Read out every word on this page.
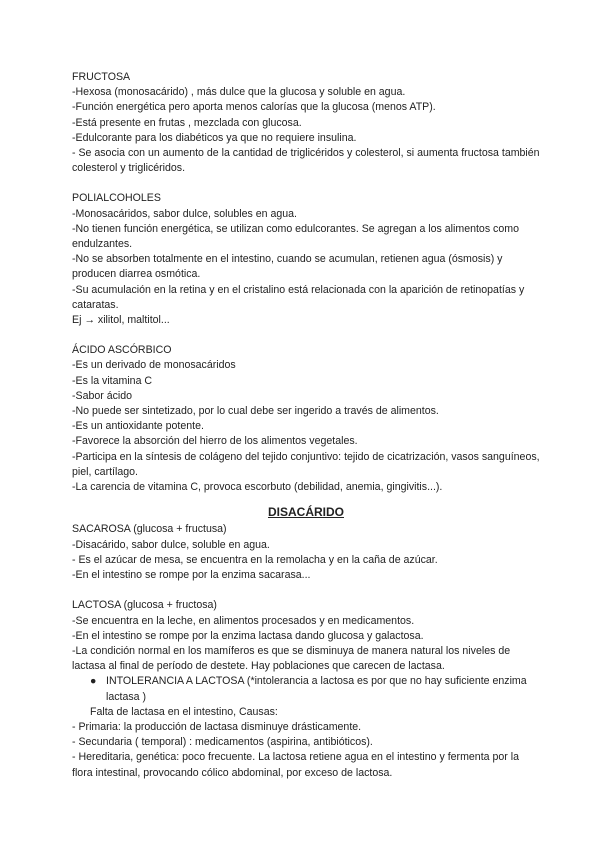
FRUCTOSA
-Hexosa (monosacárido) , más dulce que la glucosa y soluble en agua.
-Función energética pero aporta menos calorías que la glucosa (menos ATP).
-Está presente en frutas , mezclada con glucosa.
-Edulcorante para los diabéticos ya que no requiere insulina.
- Se asocia con un aumento de la cantidad de triglicéridos y colesterol, si aumenta fructosa también colesterol y triglicéridos.
POLIALCOHOLES
-Monosacáridos, sabor dulce, solubles en agua.
-No tienen función energética, se utilizan como edulcorantes. Se agregan a los alimentos como endulzantes.
-No se absorben totalmente en el intestino, cuando se acumulan, retienen agua (ósmosis) y producen diarrea osmótica.
-Su acumulación en la retina y en el cristalino está relacionada con la aparición de retinopatías y cataratas.
Ej → xilitol, maltitol...
ÁCIDO ASCÓRBICO
-Es un derivado de monosacáridos
-Es la vitamina C
-Sabor ácido
-No puede ser sintetizado, por lo cual debe ser ingerido a través de alimentos.
-Es un antioxidante potente.
-Favorece la absorción del hierro de los alimentos vegetales.
-Participa en la síntesis de colágeno del tejido conjuntivo: tejido de cicatrización, vasos sanguíneos, piel, cartílago.
-La carencia de vitamina C, provoca escorbuto (debilidad, anemia, gingivitis...).
DISACÁRIDO
SACAROSA (glucosa + fructusa)
-Disacárido, sabor dulce, soluble en agua.
- Es el azúcar de mesa, se encuentra en la remolacha y en la caña de azúcar.
-En el intestino se rompe por la enzima sacarasa...
LACTOSA (glucosa + fructosa)
-Se encuentra en la leche, en alimentos procesados y en medicamentos.
-En el intestino se rompe por la enzima lactasa dando glucosa y galactosa.
-La condición normal en los mamíferos es que se disminuya de manera natural los niveles de lactasa al final de período de destete. Hay poblaciones que carecen de lactasa.
● INTOLERANCIA A LACTOSA (*intolerancia a lactosa es por que no hay suficiente enzima lactasa )
Falta de lactasa en el intestino, Causas:
- Primaria: la producción de lactasa disminuye drásticamente.
- Secundaria ( temporal) : medicamentos (aspirina, antibióticos).
- Hereditaria, genética: poco frecuente. La lactosa retiene agua en el intestino y fermenta por la flora intestinal, provocando cólico abdominal, por exceso de lactosa.
